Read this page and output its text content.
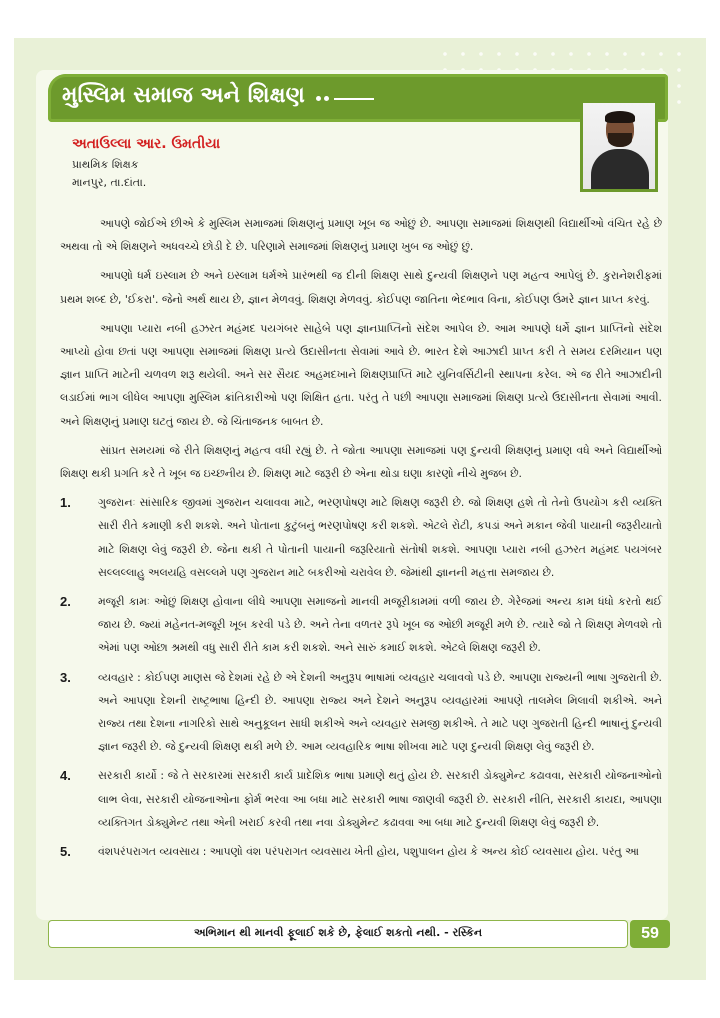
મુસ્લિમ સમાજ અને શિક્ષણ
અતાઉલ્લા આર. ઉમતીયા
પ્રાથમિક શિક્ષક
માનપુર, તા.દાંતા.

આપણે જોઈએ છીએ કે મુસ્લિમ સમાજમાં શિક્ષણનું પ્રમાણ ખૂબ જ ઓછું છે. આપણા સમાજમાં શિક્ષણથી વિદ્યાર્થીઓ વંચિત રહે છે અથવા તો એ શિક્ષણને અધવચ્ચે છોડી દે છે. પરિણામે સમાજમાં શિક્ષણનું પ્રમાણ ખુબ જ ઓછું છું.

આપણો ધર્મ ઇસ્લામ છે અને ઇસ્લામ ધર્મએ પ્રારંભથી જ દીની શિક્ષણ સાથે દુન્યવી શિક્ષણને પણ મહત્વ આપેલું છે. કુરાનેશરીફમાં પ્રથમ શબ્દ છે, 'ઈકરા'. જેનો અર્થ થાય છે, જ્ઞાન મેળવવું. શિક્ષણ મેળવવું. કોઈપણ જાતિના ભેદભાવ વિના, કોઈપણ ઉંમરે જ્ઞાન પ્રાપ્ત કરવું.

આપણા પ્યારા નબી હઝરત મહંમદ પયગંબર સાહેબે પણ જ્ઞાનપ્રાપ્તિનો સંદેશ આપેલ છે. આમ આપણે ધર્મે જ્ઞાન પ્રાપ્તિનો સંદેશ આપ્યો હોવા છતાં પણ આપણા સમાજમાં શિક્ષણ પ્રત્યે ઉદાસીનતા સેવામાં આવે છે. ભારત દેશે આઝાદી પ્રાપ્ત કરી તે સમય દરમિયાન પણ જ્ઞાન પ્રાપ્તિ માટેની ચળવળ શરૂ થયેલી. અને સર સૈયદ અહમદખાને શિક્ષણપ્રાપ્તિ માટે યુનિવર્સિટીની સ્થાપના કરેલ. એ જ રીતે આઝાદીની લડાઈમાં ભાગ લીધેલ આપણા મુસ્લિમ ક્રાંતિકારીઓ પણ શિક્ષિત હતા. પરંતુ તે પછી આપણા સમાજમાં શિક્ષણ પ્રત્યે ઉદાસીનતા સેવામાં આવી. અને શિક્ષણનું પ્રમાણ ઘટતું જાય છે. જે ચિંતાજનક બાબત છે.

સાંપ્રત સમયમાં જે રીતે શિક્ષણનું મહત્વ વધી રહ્યું છે. તે જોતા આપણા સમાજમાં પણ દુન્યવી શિક્ષણનું પ્રમાણ વધે અને વિદ્યાર્થીઓ શિક્ષણ થકી પ્રગતિ કરે તે ખૂબ જ ઇચ્છનીય છે. શિક્ષણ માટે જરૂરી છે એના થોડા ઘણા કારણો નીચે મુજબ છે.

1.	ગુજરાનઃ સાંસારિક જીવમાં ગુજરાન ચલાવવા માટે, ભરણપોષણ માટે શિક્ષણ જરૂરી છે. જો શિક્ષણ હશે તો તેનો ઉપયોગ કરી વ્યક્તિ સારી રીતે કમાણી કરી શકશે. અને પોતાના કુટુંબનું ભરણપોષણ કરી શકશે. એટલે રોટી, કપડાં અને મકાન જેવી પાયાની જરૂરીયાતો માટે શિક્ષણ લેવું જરૂરી છે. જેના થકી તે પોતાની પાયાની જરૂરિયાતો સંતોષી શકશે. આપણા પ્યારા નબી હઝરત મહંમદ પયગંબર સલ્લલ્લાહુ અલયહિ વસલ્લમે પણ ગુજરાન માટે બકરીઓ ચરાવેલ છે. જેમાંથી જ્ઞાનની મહત્તા સમજાય છે.
2.	મજૂરી કામઃ ઓછું શિક્ષણ હોવાના લીધે આપણા સમાજનો માનવી મજૂરીકામમાં વળી જાય છે. ગેરેજમાં અન્ય કામ ધંધો કરતો થઈ જાય છે. જ્યાં મહેનત-મજૂરી ખૂબ કરવી પડે છે. અને તેના વળતર રૂપે ખૂબ જ ઓછી મજૂરી મળે છે. ત્યારે જો તે શિક્ષણ મેળવશે તો એમાં પણ ઓછા શ્રમથી વધુ સારી રીતે કામ કરી શકશે. અને સારું કમાઈ શકશે. એટલે શિક્ષણ જરૂરી છે.
3.	વ્યવહાર : કોઈપણ માણસ જે દેશમાં રહે છે એ દેશની અનુરૂપ ભાષામાં વ્યવહાર ચલાવવો પડે છે. આપણા રાજ્યની ભાષા ગુજરાતી છે. અને આપણા દેશની રાષ્ટ્રભાષા હિન્દી છે. આપણા રાજ્ય અને દેશને અનુરૂપ વ્યવહારમાં આપણે તાલમેલ મિલાવી શકીએ. અને રાજ્ય તથા દેશના નાગરિકો સાથે અનુકૂલન સાધી શકીએ અને વ્યવહાર સમજી શકીએ. તે માટે પણ ગુજરાતી હિન્દી ભાષાનું દુન્યવી જ્ઞાન જરૂરી છે. જે દુન્યવી શિક્ષણ થકી મળે છે. આમ વ્યવહારિક ભાષા શીખવા માટે પણ દુન્યવી શિક્ષણ લેવું જરૂરી છે.
4.	સરકારી કાર્યો : જે તે સરકારમાં સરકારી કાર્ય પ્રાદેશિક ભાષા પ્રમાણે થતું હોય છે. સરકારી ડોક્યુમેન્ટ કઢાવવા, સરકારી યોજનાઓનો લાભ લેવા, સરકારી યોજનાઓના ફોર્મ ભરવા આ બધા માટે સરકારી ભાષા જાણવી જરૂરી છે. સરકારી નીતિ, સરકારી કાયદા, આપણા વ્યક્તિગત ડોક્યુમેન્ટ તથા એની ખરાઈ કરવી તથા નવા ડોક્યુમેન્ટ કઢાવવા આ બધા માટે દુન્યવી શિક્ષણ લેવું જરૂરી છે.
5.	વંશપરંપરાગત વ્યવસાય : આપણો વંશ પરંપરાગત વ્યવસાય ખેતી હોય, પશુપાલન હોય કે અન્ય કોઈ વ્યવસાય હોય. પરંતુ આ
અભિમાન થી માનવી ફૂલાઈ શકે છે, ફેલાઈ શકતો નથી. - રસ્કિન	59
